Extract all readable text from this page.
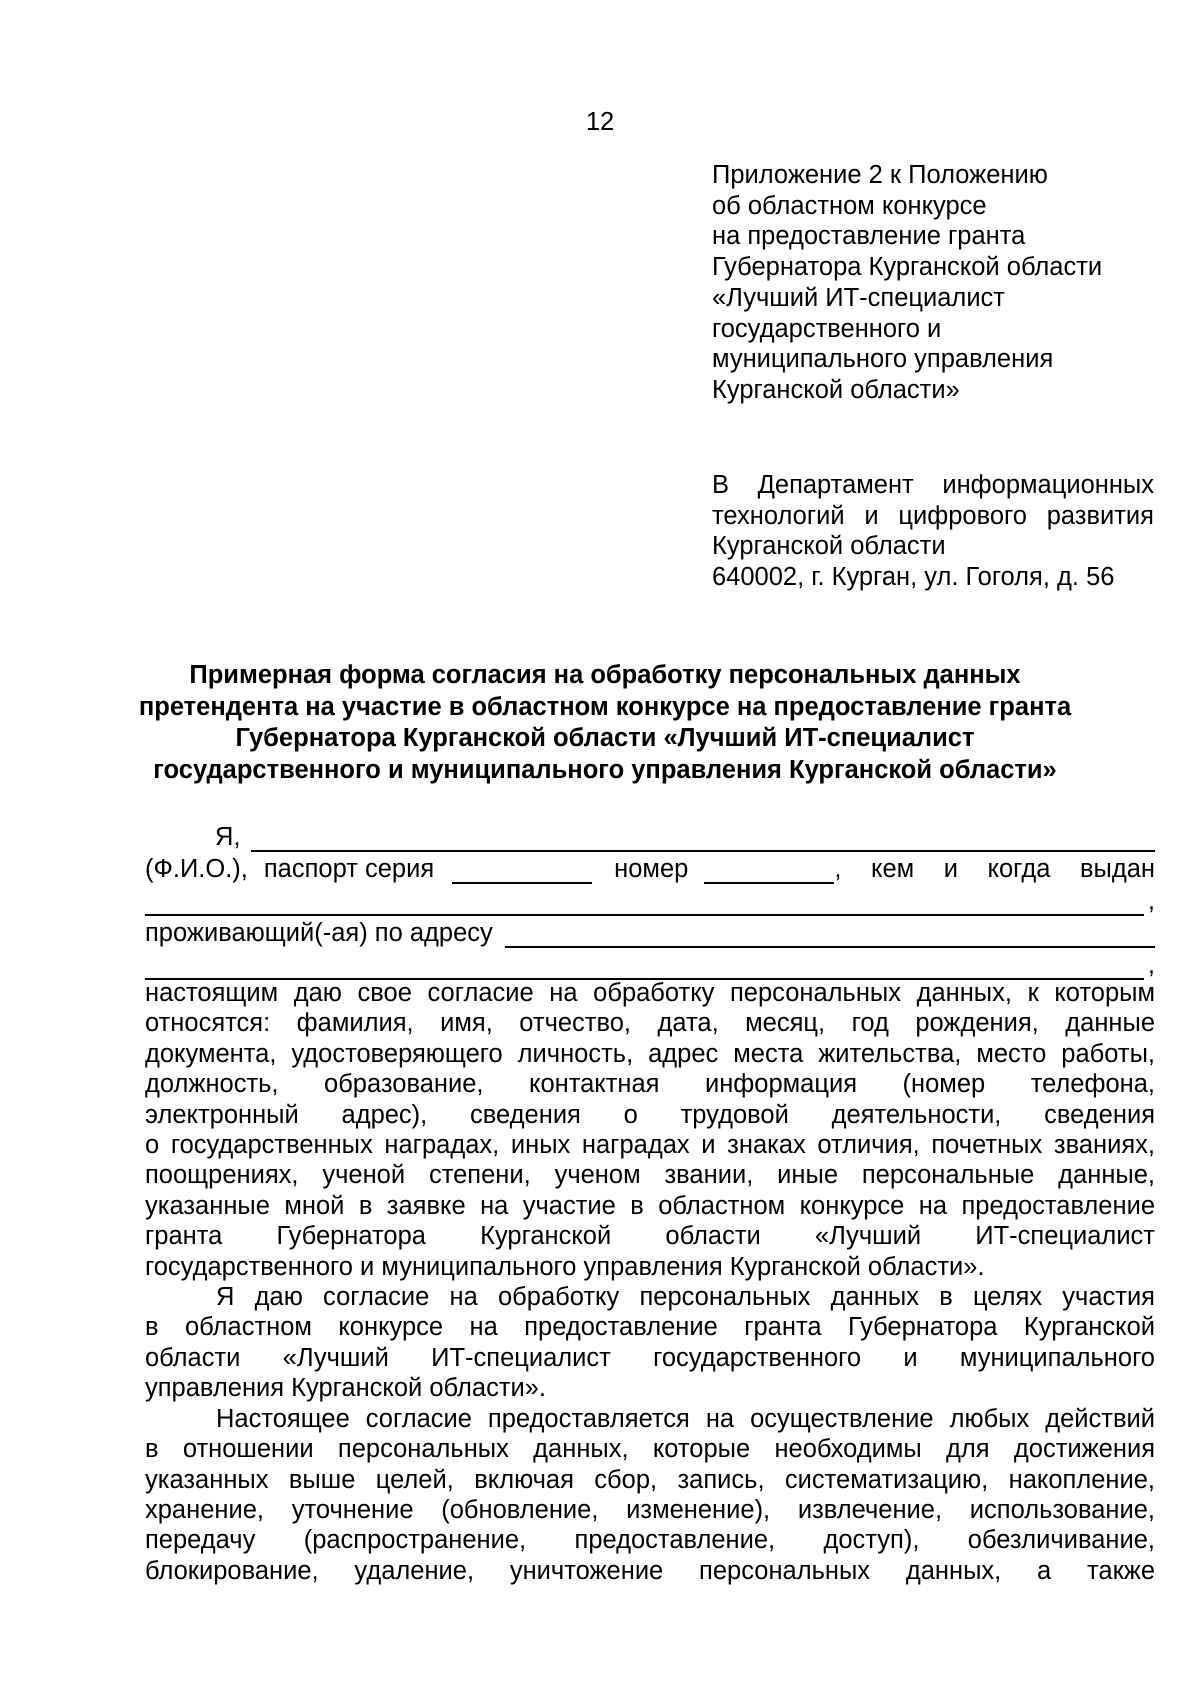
12
Приложение 2 к Положению
об областном конкурсе
на предоставление гранта
Губернатора Курганской области
«Лучший ИТ-специалист
государственного и
муниципального управления
Курганской области»
В Департамент информационных
технологий и цифрового развития
Курганской области
640002, г. Курган, ул. Гоголя, д. 56
Примерная форма согласия на обработку персональных данных
претендента на участие в областном конкурсе на предоставление гранта
Губернатора Курганской области «Лучший ИТ-специалист
государственного и муниципального управления Курганской области»
Я,
(Ф.И.О.), паспорт серия	номер	, кем и когда выдан
,
проживающий(-ая) по адресу
,

настоящим даю свое согласие на обработку персональных данных, к которым
относятся: фамилия, имя, отчество, дата, месяц, год рождения, данные
документа, удостоверяющего личность, адрес места жительства, место работы,
должность, образование, контактная информация (номер телефона,
электронный адрес), сведения о трудовой деятельности, сведения
о государственных наградах, иных наградах и знаках отличия, почетных званиях,
поощрениях, ученой степени, ученом звании, иные персональные данные,
указанные мной в заявке на участие в областном конкурсе на предоставление
гранта Губернатора Курганской области «Лучший ИТ-специалист
государственного и муниципального управления Курганской области».

Я даю согласие на обработку персональных данных в целях участия
в областном конкурсе на предоставление гранта Губернатора Курганской
области «Лучший ИТ-специалист государственного и муниципального
управления Курганской области».

Настоящее согласие предоставляется на осуществление любых действий
в отношении персональных данных, которые необходимы для достижения
указанных выше целей, включая сбор, запись, систематизацию, накопление,
хранение, уточнение (обновление, изменение), извлечение, использование,
передачу (распространение, предоставление, доступ), обезличивание,
блокирование, удаление, уничтожение персональных данных, а также
